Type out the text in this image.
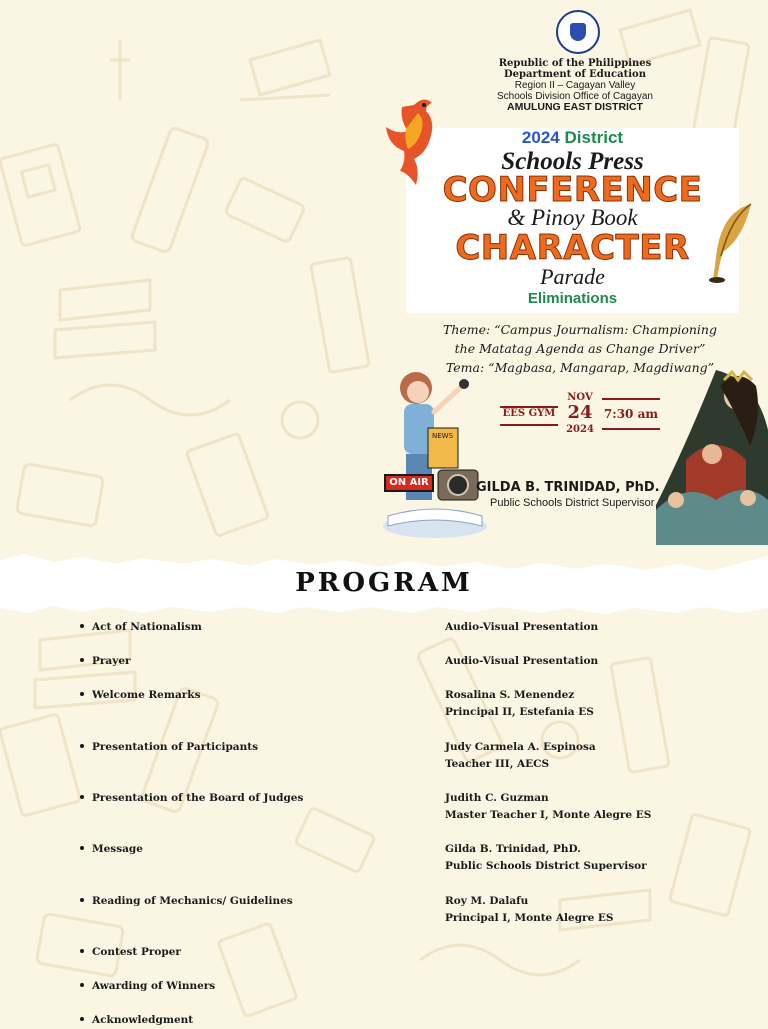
Republic of the Philippines
Department of Education
Region II – Cagayan Valley
Schools Division Office of Cagayan
AMULUNG EAST DISTRICT
2024 District
Schools Press
CONFERENCE
& Pinoy Book
CHARACTER
Parade
Eliminations
Theme: “Campus Journalism: Championing
the Matatag Agenda as Change Driver”
Tema: “Magbasa, Mangarap, Magdiwang”
EES GYM
NOV
24
2024
7:30 am
NEWS
ON AIR	GILDA B. TRINIDAD, PhD.
Public Schools District Supervisor
PROGRAM
Act of Nationalism	Audio-Visual Presentation
Prayer	Audio-Visual Presentation
Welcome Remarks	Rosalina S. Menendez
Principal II, Estefania ES
Presentation of Participants	Judy Carmela A. Espinosa
Teacher III, AECS
Presentation of the Board of Judges	Judith C. Guzman
Master Teacher I, Monte Alegre ES
Message	Gilda B. Trinidad, PhD.
Public Schools District Supervisor
Reading of Mechanics/ Guidelines	Roy M. Dalafu
Principal I, Monte Alegre ES
Contest Proper
Awarding of Winners
Acknowledgment
